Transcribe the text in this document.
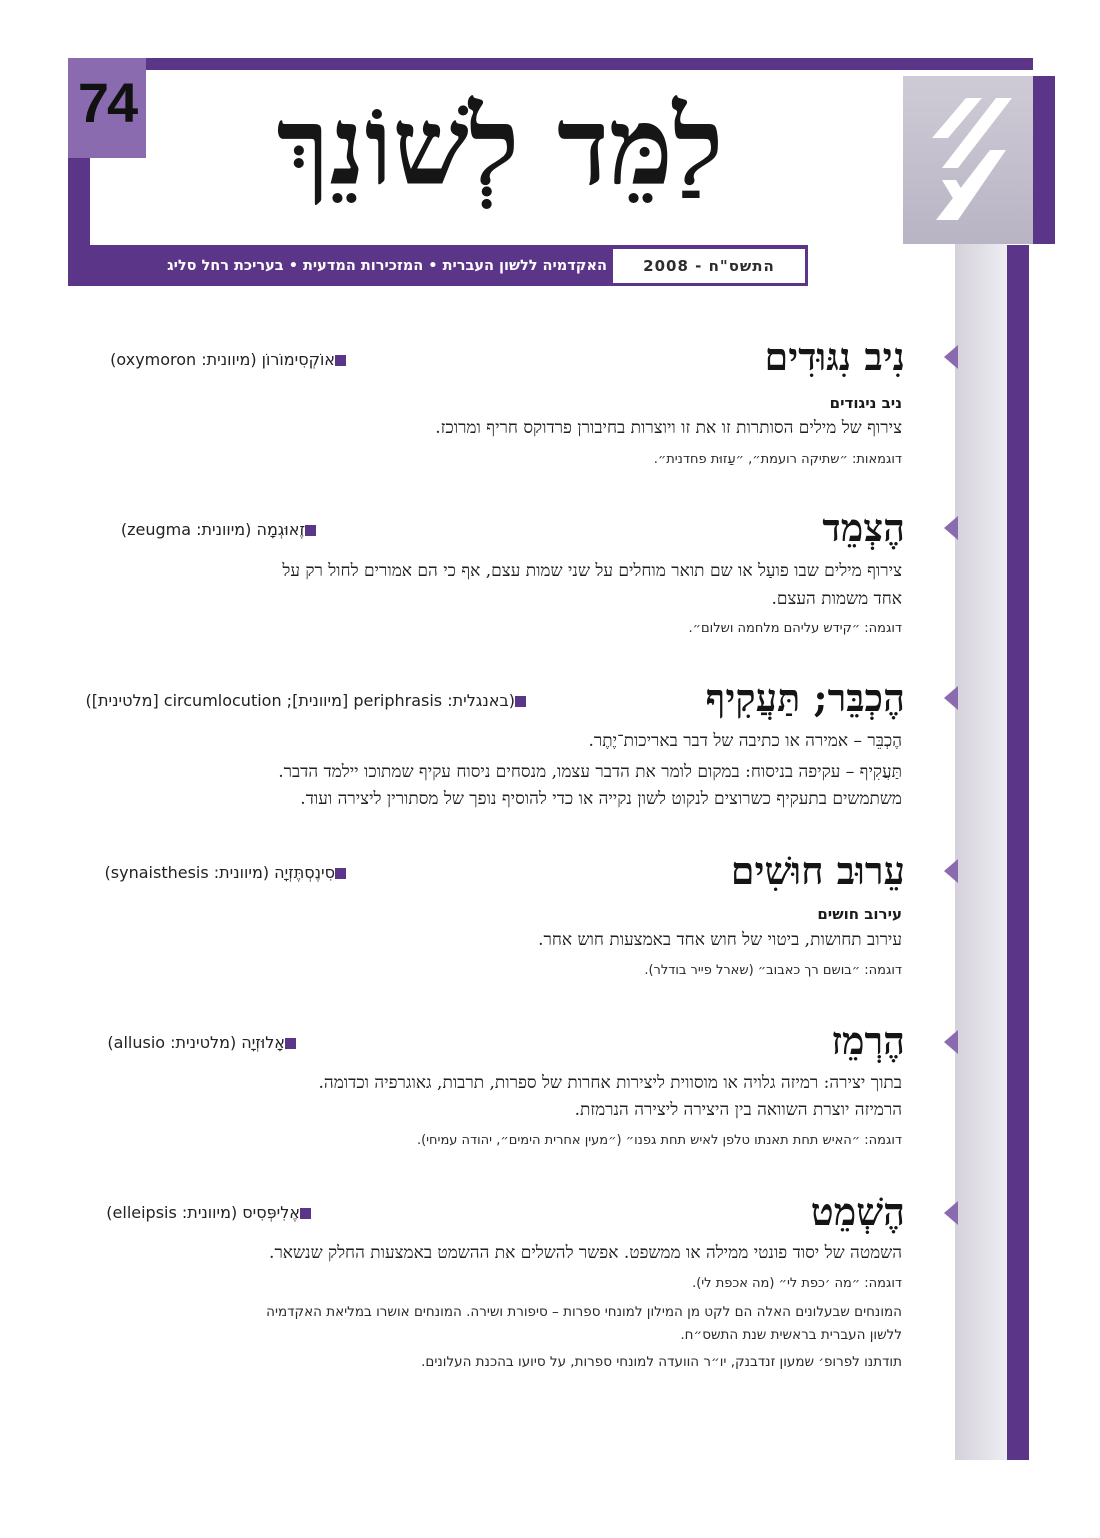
74	לַמֵּד לְשׁוֹנֵךְ
התשס"ח - 2008
האקדמיה ללשון העברית • המזכירות המדעית • בעריכת רחל סליג
נִיב נִגּוּדִים
אוֹקְסִימוֹרוֹן (מיוונית: oxymoron)
ניב ניגודים
צירוף של מילים הסותרות זו את זו ויוצרות בחיבורן פרדוקס חריף ומרוכז.
דוגמאות: ״שתיקה רועמת״, ״עַזוּת פחדנית״.
הֶצְמֵד
זֶאוּגְמָה (מיוונית: zeugma)
צירוף מילים שבו פועַל או שם תואר מוחלים על שני שמות עצם, אף כי הם אמורים לחול רק על
אחד משמות העצם.
דוגמה: ״קידש עליהם מלחמה ושלום״.
הֶכְבֵּר; תַּעֲקִיף
(באנגלית: periphrasis [מיוונית]; circumlocution [מלטינית])
הֶכְבֵּר – אמירה או כתיבה של דבר באריכות־יֶתֶר.
תַּעֲקִיף – עקיפה בניסוח: במקום לומר את הדבר עצמו, מנסחים ניסוח עקיף שמתוכו יילמד הדבר.
משתמשים בתעקיף כשרוצים לנקוט לשון נקייה או כדי להוסיף נופך של מסתורין ליצירה ועוד.
עֵרוּב חוּשִׁים
סִינֶסְתֶּזְיָה (מיוונית: synaisthesis)
עירוב חושים
עירוב תחושות, ביטוי של חוש אחד באמצעות חוש אחר.
דוגמה: ״בושם רך כאבוב״ (שארל פייר בודלר).
הֶרְמֵז
אָלוּזְיָה (מלטינית: allusio)
בתוך יצירה: רמיזה גלויה או מוסווית ליצירות אחרות של ספרות, תרבות, גאוגרפיה וכדומה.
הרמיזה יוצרת השוואה בין היצירה ליצירה הנרמזת.
דוגמה: ״האיש תחת תאנתו טלפן לאיש תחת גפנו״ (״מעין אחרית הימים״, יהודה עמיחי).
הֶשְׁמֵט
אֶלִיפְּסִיס (מיוונית: elleipsis)
השמטה של יסוד פונטי ממילה או ממשפט. אפשר להשלים את ההשמט באמצעות החלק שנשאר.
דוגמה: ״מה ׳כפת לי״ (מה אכפת לי).
המונחים שבעלונים האלה הם לקט מן המילון למונחי ספרות – סיפורת ושירה. המונחים אושרו במליאת האקדמיה
ללשון העברית בראשית שנת התשס״ח.
תודתנו לפרופ׳ שמעון זנדבנק, יו״ר הוועדה למונחי ספרות, על סיועו בהכנת העלונים.
